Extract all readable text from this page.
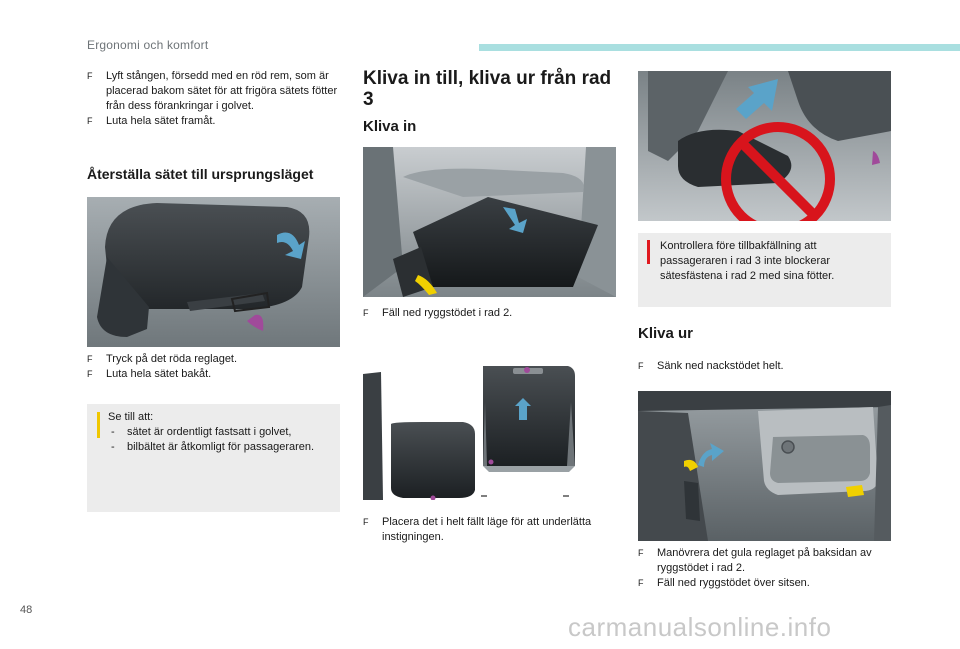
Ergonomi och komfort
F Lyft stången, försedd med en röd rem, som är placerad bakom sätet för att frigöra sätets fötter från dess förankringar i golvet.
F Luta hela sätet framåt.
Återställa sätet till ursprungsläget
F Tryck på det röda reglaget.
F Luta hela sätet bakåt.
Se till att:
- sätet är ordentligt fastsatt i golvet,
- bilbältet är åtkomligt för passageraren.
Kliva in till, kliva ur från rad 3
Kliva in
F Fäll ned ryggstödet i rad 2.
F Placera det i helt fällt läge för att underlätta instigningen.
Kontrollera före tillbakfällning att passageraren i rad 3 inte blockerar sätesfästena i rad 2 med sina fötter.
Kliva ur
F Sänk ned nackstödet helt.
F Manövrera det gula reglaget på baksidan av ryggstödet i rad 2.
F Fäll ned ryggstödet över sitsen.
48
carmanualsonline.info
